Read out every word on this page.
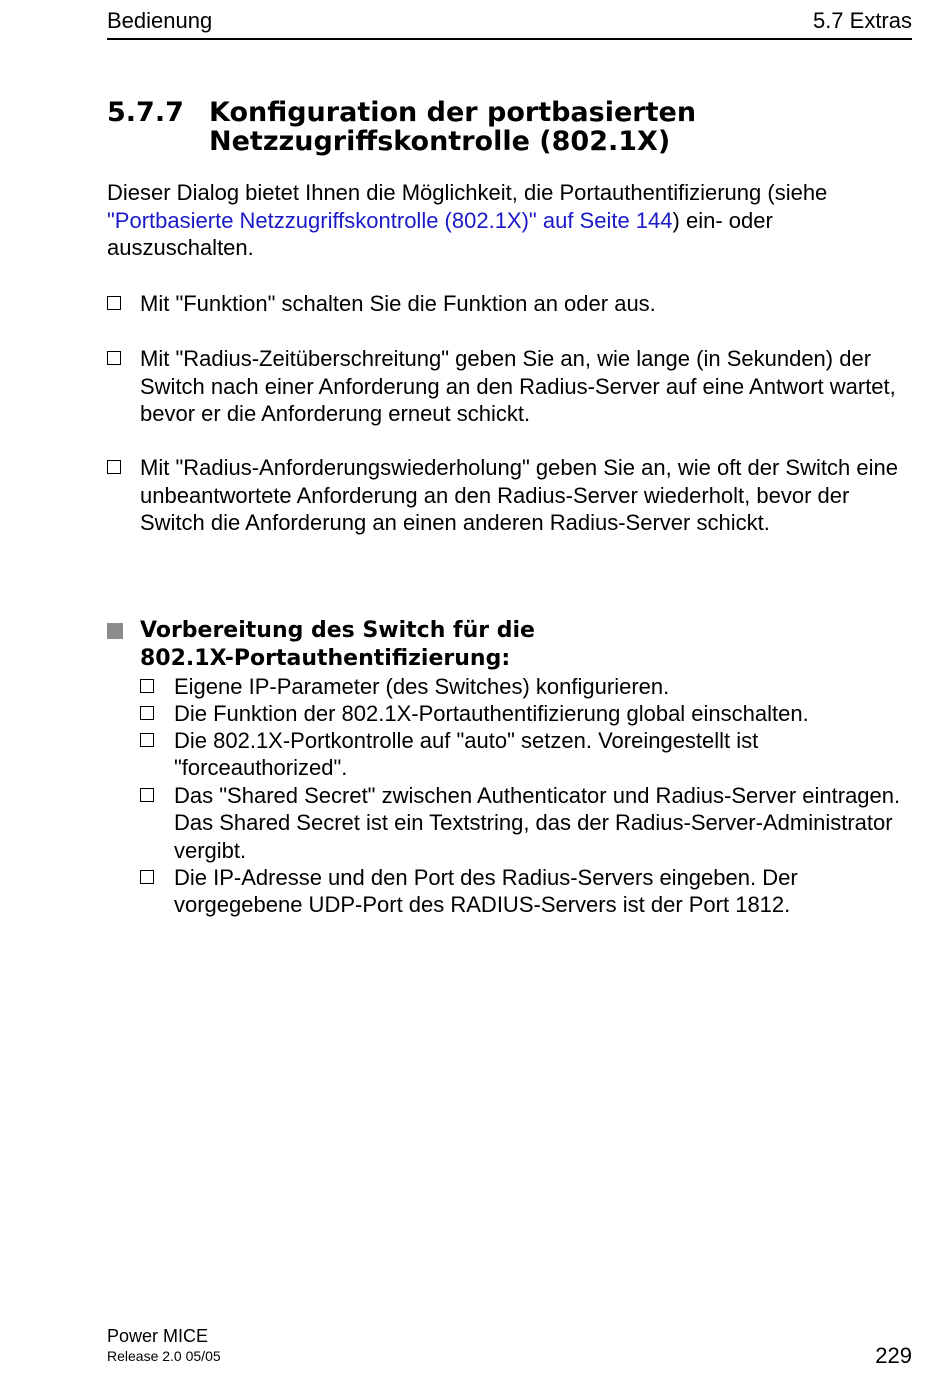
Bedienung	5.7 Extras
5.7.7 Konfiguration der portbasierten
Netzzugriffskontrolle (802.1X)
Dieser Dialog bietet Ihnen die Möglichkeit, die Portauthentifizierung (siehe "Portbasierte Netzzugriffskontrolle (802.1X)" auf Seite 144) ein- oder auszuschalten.
Mit "Funktion" schalten Sie die Funktion an oder aus.
Mit "Radius-Zeitüberschreitung" geben Sie an, wie lange (in Sekunden) der Switch nach einer Anforderung an den Radius-Server auf eine Antwort wartet, bevor er die Anforderung erneut schickt.
Mit "Radius-Anforderungswiederholung" geben Sie an, wie oft der Switch eine unbeantwortete Anforderung an den Radius-Server wiederholt, bevor der Switch die Anforderung an einen anderen Radius-Server schickt.
Vorbereitung des Switch für die
802.1X-Portauthentifizierung:
Eigene IP-Parameter (des Switches) konfigurieren.
Die Funktion der 802.1X-Portauthentifizierung global einschalten.
Die 802.1X-Portkontrolle auf "auto" setzen. Voreingestellt ist "forceauthorized".
Das "Shared Secret" zwischen Authenticator und Radius-Server eintragen. Das Shared Secret ist ein Textstring, das der Radius-Server-Administrator vergibt.
Die IP-Adresse und den Port des Radius-Servers eingeben. Der vorgegebene UDP-Port des RADIUS-Servers ist der Port 1812.
Power MICE
Release 2.0 05/05	229
